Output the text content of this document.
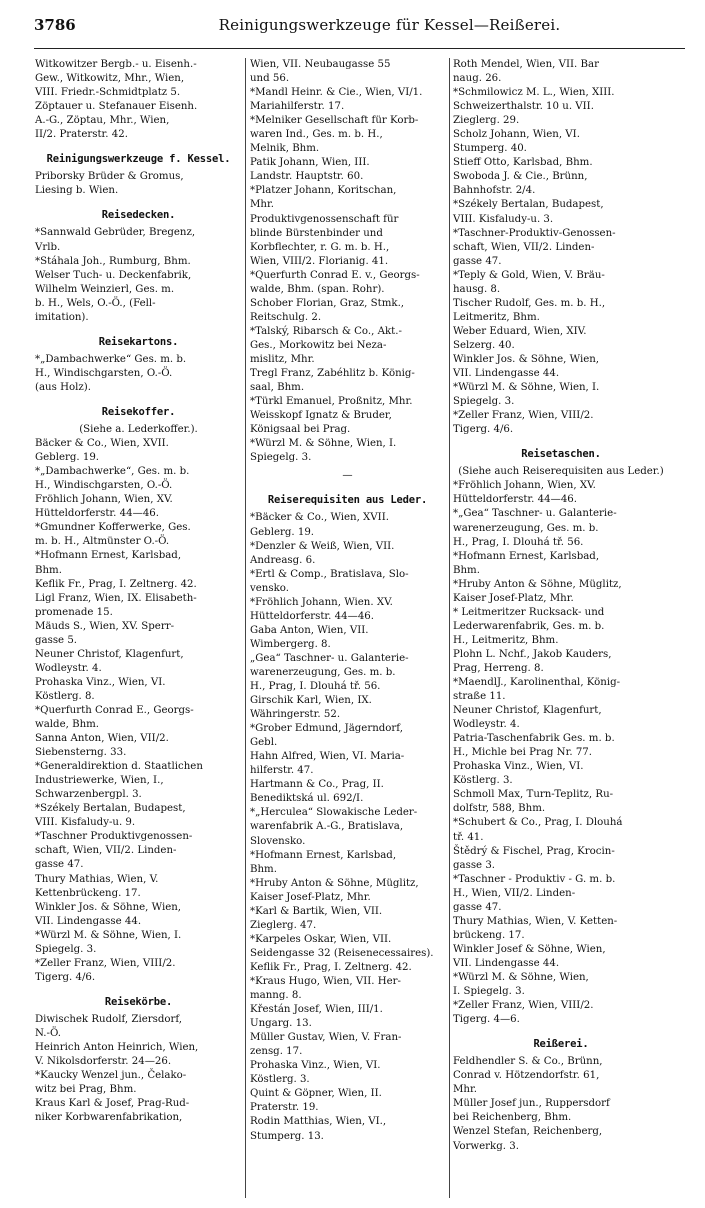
3786	Reinigungswerkzeuge für Kessel—Reißerei.
Witkowitzer Bergb.- u. Eisenh.-
Gew., Witkowitz, Mhr., Wien,
VIII. Friedr.-Schmidtplatz 5.
Zöptauer u. Stefanauer Eisenh.
A.-G., Zöptau, Mhr., Wien,
II/2. Praterstr. 42.
Reinigungswerkzeuge f. Kessel.
Priborsky Brüder & Gromus,
Liesing b. Wien.
Reisedecken.
*Sannwald Gebrüder, Bregenz,
Vrlb.
*Stáhala Joh., Rumburg, Bhm.
Welser Tuch- u. Deckenfabrik,
Wilhelm Weinzierl, Ges. m.
b. H., Wels, O.-Ö., (Fell-
imitation).
Reisekartons.
*„Dambachwerke“ Ges. m. b.
H., Windischgarsten, O.-Ö.
(aus Holz).
Reisekoffer.
(Siehe a. Lederkoffer.).
Bäcker & Co., Wien, XVII.
Geblerg. 19.
*„Dambachwerke“, Ges. m. b.
H., Windischgarsten, O.-Ö.
Fröhlich Johann, Wien, XV.
Hütteldorferstr. 44—46.
*Gmundner Kofferwerke, Ges.
m. b. H., Altmünster O.-Ö.
*Hofmann Ernest, Karlsbad,
Bhm.
Keflik Fr., Prag, I. Zeltnerg. 42.
Ligl Franz, Wien, IX. Elisabeth-
promenade 15.
Mäuds S., Wien, XV. Sperr-
gasse 5.
Neuner Christof, Klagenfurt,
Wodleystr. 4.
Prohaska Vinz., Wien, VI.
Köstlerg. 8.
*Querfurth Conrad E., Georgs-
walde, Bhm.
Sanna Anton, Wien, VII/2.
Siebensterng. 33.
*Generaldirektion d. Staatlichen
Industriewerke, Wien, I.,
Schwarzenbergpl. 3.
*Székely Bertalan, Budapest,
VIII. Kisfaludy-u. 9.
*Taschner Produktivgenossen-
schaft, Wien, VII/2. Linden-
gasse 47.
Thury Mathias, Wien, V.
Kettenbrückeng. 17.
Winkler Jos. & Söhne, Wien,
VII. Lindengasse 44.
*Würzl M. & Söhne, Wien, I.
Spiegelg. 3.
*Zeller Franz, Wien, VIII/2.
Tigerg. 4/6.
Reisekörbe.
Diwischek Rudolf, Ziersdorf,
N.-Ö.
Heinrich Anton Heinrich, Wien,
V. Nikolsdorferstr. 24—26.
*Kaucky Wenzel jun., Čelako-
witz bei Prag, Bhm.
Kraus Karl & Josef, Prag-Rud-
niker Korbwarenfabrikation,
Wien, VII. Neubaugasse 55
und 56.
*Mandl Heinr. & Cie., Wien, VI/1.
Mariahilferstr. 17.
*Melniker Gesellschaft für Korb-
waren Ind., Ges. m. b. H.,
Melnik, Bhm.
Patik Johann, Wien, III.
Landstr. Hauptstr. 60.
*Platzer Johann, Koritschan,
Mhr.
Produktivgenossenschaft für
blinde Bürstenbinder und
Korbflechter, r. G. m. b. H.,
Wien, VIII/2. Florianig. 41.
*Querfurth Conrad E. v., Georgs-
walde, Bhm. (span. Rohr).
Schober Florian, Graz, Stmk.,
Reitschulg. 2.
*Talský, Ribarsch & Co., Akt.-
Ges., Morkowitz bei Neza-
mislitz, Mhr.
Tregl Franz, Zabéhlitz b. König-
saal, Bhm.
*Türkl Emanuel, Proßnitz, Mhr.
Weisskopf Ignatz & Bruder,
Königsaal bei Prag.
*Würzl M. & Söhne, Wien, I.
Spiegelg. 3.
—
Reiserequisiten aus Leder.
*Bäcker & Co., Wien, XVII.
Geblerg. 19.
*Denzler & Weiß, Wien, VII.
Andreasg. 6.
*Ertl & Comp., Bratislava, Slo-
vensko.
*Fröhlich Johann, Wien. XV.
Hütteldorferstr. 44—46.
Gaba Anton, Wien, VII.
Wimbergerg. 8.
„Gea“ Taschner- u. Galanterie-
warenerzeugung, Ges. m. b.
H., Prag, I. Dlouhá tř. 56.
Girschik Karl, Wien, IX.
Währingerstr. 52.
*Grober Edmund, Jägerndorf,
Gebl.
Hahn Alfred, Wien, VI. Maria-
hilferstr. 47.
Hartmann & Co., Prag, II.
Benediktská ul. 692/I.
*„Herculea“ Slowakische Leder-
warenfabrik A.-G., Bratislava,
Slovensko.
*Hofmann Ernest, Karlsbad,
Bhm.
*Hruby Anton & Söhne, Müglitz,
Kaiser Josef-Platz, Mhr.
*Karl & Bartik, Wien, VII.
Zieglerg. 47.
*Karpeles Oskar, Wien, VII.
Seidengasse 32 (Reisenecessaires).
Keflik Fr., Prag, I. Zeltnerg. 42.
*Kraus Hugo, Wien, VII. Her-
manng. 8.
Křestán Josef, Wien, III/1.
Ungarg. 13.
Müller Gustav, Wien, V. Fran-
zensg. 17.
Prohaska Vinz., Wien, VI.
Köstlerg. 3.
Quint & Göpner, Wien, II.
Praterstr. 19.
Rodin Matthias, Wien, VI.,
Stumperg. 13.
Roth Mendel, Wien, VII. Bar
naug. 26.
*Schmilowicz M. L., Wien, XIII.
Schweizerthalstr. 10 u. VII.
Zieglerg. 29.
Scholz Johann, Wien, VI.
Stumperg. 40.
Stieff Otto, Karlsbad, Bhm.
Swoboda J. & Cie., Brünn,
Bahnhofstr. 2/4.
*Székely Bertalan, Budapest,
VIII. Kisfaludy-u. 3.
*Taschner-Produktiv-Genossen-
schaft, Wien, VII/2. Linden-
gasse 47.
*Teply & Gold, Wien, V. Bräu-
hausg. 8.
Tischer Rudolf, Ges. m. b. H.,
Leitmeritz, Bhm.
Weber Eduard, Wien, XIV.
Selzerg. 40.
Winkler Jos. & Söhne, Wien,
VII. Lindengasse 44.
*Würzl M. & Söhne, Wien, I.
Spiegelg. 3.
*Zeller Franz, Wien, VIII/2.
Tigerg. 4/6.
Reisetaschen.
(Siehe auch Reiserequisiten aus Leder.)
*Fröhlich Johann, Wien, XV.
Hütteldorferstr. 44—46.
*„Gea“ Taschner- u. Galanterie-
warenerzeugung, Ges. m. b.
H., Prag, I. Dlouhá tř. 56.
*Hofmann Ernest, Karlsbad,
Bhm.
*Hruby Anton & Söhne, Müglitz,
Kaiser Josef-Platz, Mhr.
* Leitmeritzer Rucksack- und
Lederwarenfabrik, Ges. m. b.
H., Leitmeritz, Bhm.
Plohn L. Nchf., Jakob Kauders,
Prag, Herreng. 8.
*MaendlJ., Karolinenthal, König-
straße 11.
Neuner Christof, Klagenfurt,
Wodleystr. 4.
Patria-Taschenfabrik Ges. m. b.
H., Michle bei Prag Nr. 77.
Prohaska Vinz., Wien, VI.
Köstlerg. 3.
Schmoll Max, Turn-Teplitz, Ru-
dolfstr, 588, Bhm.
*Schubert & Co., Prag, I. Dlouhá
tř. 41.
Štědrý & Fischel, Prag, Krocin-
gasse 3.
*Taschner - Produktiv - G. m. b.
H., Wien, VII/2. Linden-
gasse 47.
Thury Mathias, Wien, V. Ketten-
brückeng. 17.
Winkler Josef & Söhne, Wien,
VII. Lindengasse 44.
*Würzl M. & Söhne, Wien,
I. Spiegelg. 3.
*Zeller Franz, Wien, VIII/2.
Tigerg. 4—6.
Reißerei.
Feldhendler S. & Co., Brünn,
Conrad v. Hötzendorfstr. 61,
Mhr.
Müller Josef jun., Ruppersdorf
bei Reichenberg, Bhm.
Wenzel Stefan, Reichenberg,
Vorwerkg. 3.
